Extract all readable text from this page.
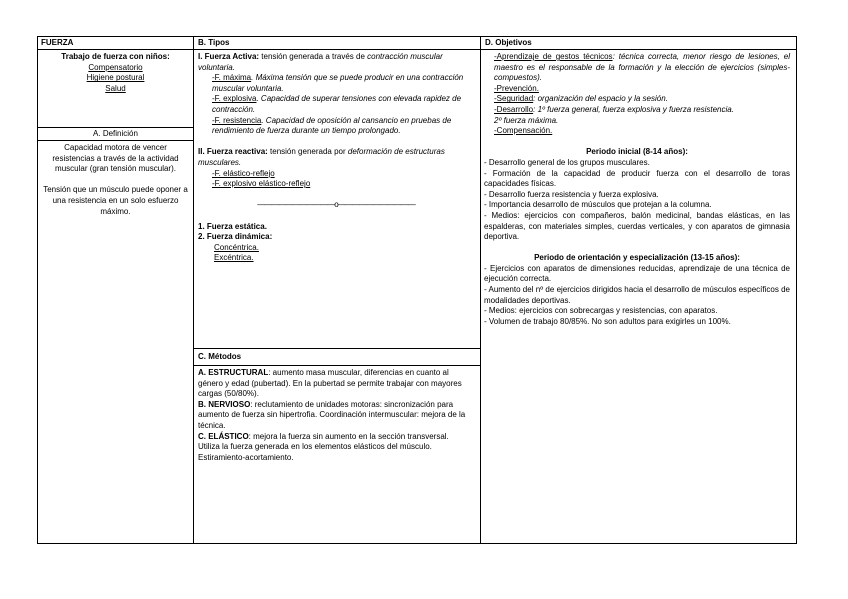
FUERZA	B. Tipos	D. Objetivos

Trabajo de fuerza con niños:

Compensatorio

Higiene postural

Salud

A. Definición

Capacidad motora de vencer resistencias a través de la actividad muscular (gran tensión muscular).

Tensión que un músculo puede oponer a una resistencia en un solo esfuerzo máximo.

I. Fuerza Activa: tensión generada a través de contracción muscular voluntaria.

-F. máxima. Máxima tensión que se puede producir en una contracción muscular voluntaria.

-F. explosiva. Capacidad de superar tensiones con elevada rapidez de contracción.

-F. resistencia. Capacidad de oposición al cansancio en pruebas de rendimiento de fuerza durante un tiempo prolongado.

II. Fuerza reactiva: tensión generada por deformación de estructuras musculares.

-F. elástico-reflejo

-F. explosivo elástico-reflejo

———————————o———————————

1. Fuerza estática.

2. Fuerza dinámica:

Concéntrica.

Excéntrica.

C. Métodos

A. ESTRUCTURAL: aumento masa muscular, diferencias en cuanto al género y edad (pubertad). En la pubertad se permite trabajar con mayores cargas (50/80%).

B. NERVIOSO: reclutamiento de unidades motoras: sincronización para aumento de fuerza sin hipertrofia. Coordinación intermuscular: mejora de la técnica.

C. ELÁSTICO: mejora la fuerza sin aumento en la sección transversal. Utiliza la fuerza generada en los elementos elásticos del músculo. Estiramiento-acortamiento.

-Aprendizaje de gestos técnicos: técnica correcta, menor riesgo de lesiones, el maestro es el responsable de la formación y la elección de ejercicios (simples-compuestos).

-Prevención.

-Seguridad: organización del espacio y la sesión.

-Desarrollo: 1º fuerza general, fuerza explosiva y fuerza resistencia.

2º fuerza máxima.

-Compensación.

Periodo inicial (8-14 años):

- Desarrollo general de los grupos musculares.

- Formación de la capacidad de producir fuerza con el desarrollo de toras capacidades físicas.

- Desarrollo fuerza resistencia y fuerza explosiva.

- Importancia desarrollo de músculos que protejan a la columna.

- Medios: ejercicios con compañeros, balón medicinal, bandas elásticas, en las espalderas, con materiales simples, cuerdas verticales, y con aparatos de gimnasia deportiva.

Periodo de orientación y especialización (13-15 años):

- Ejercicios con aparatos de dimensiones reducidas, aprendizaje de una técnica de ejecución correcta.

- Aumento del nº de ejercicios dirigidos hacia el desarrollo de músculos específicos de modalidades deportivas.

- Medios: ejercicios con sobrecargas y resistencias, con aparatos.

- Volumen de trabajo 80/85%. No son adultos para exigirles un 100%.
